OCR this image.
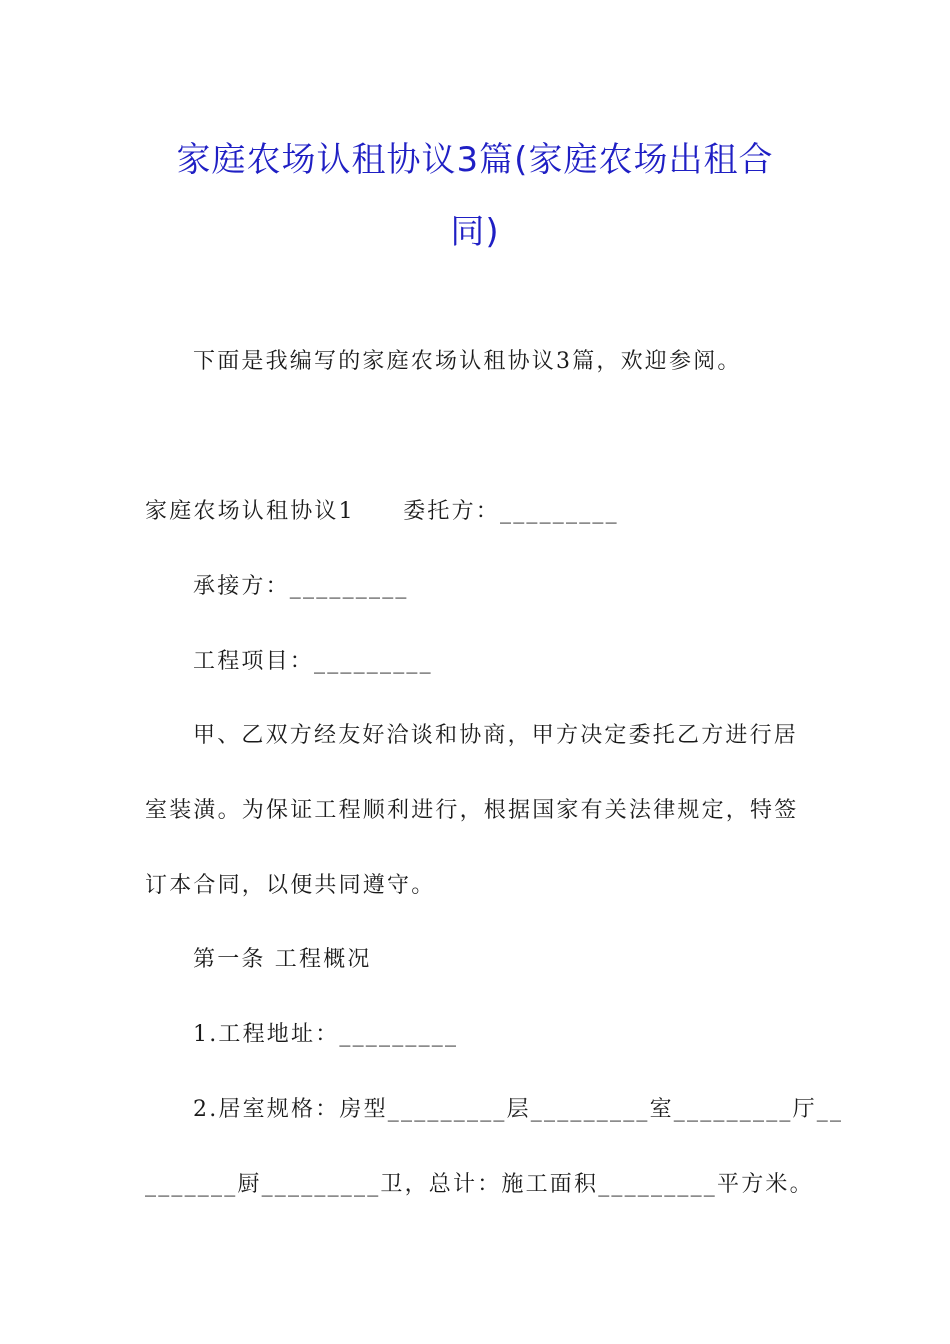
家庭农场认租协议3篇(家庭农场出租合
同)
下面是我编写的家庭农场认租协议3篇，欢迎参阅。
家庭农场认租协议1　　委托方：_________
承接方：_________
工程项目：_________
甲、乙双方经友好洽谈和协商，甲方决定委托乙方进行居
室装潢。为保证工程顺利进行，根据国家有关法律规定，特签
订本合同，以便共同遵守。
第一条 工程概况
1.工程地址：_________
2.居室规格：房型_________层_________室_________厅__
_______厨_________卫，总计：施工面积_________平方米。
